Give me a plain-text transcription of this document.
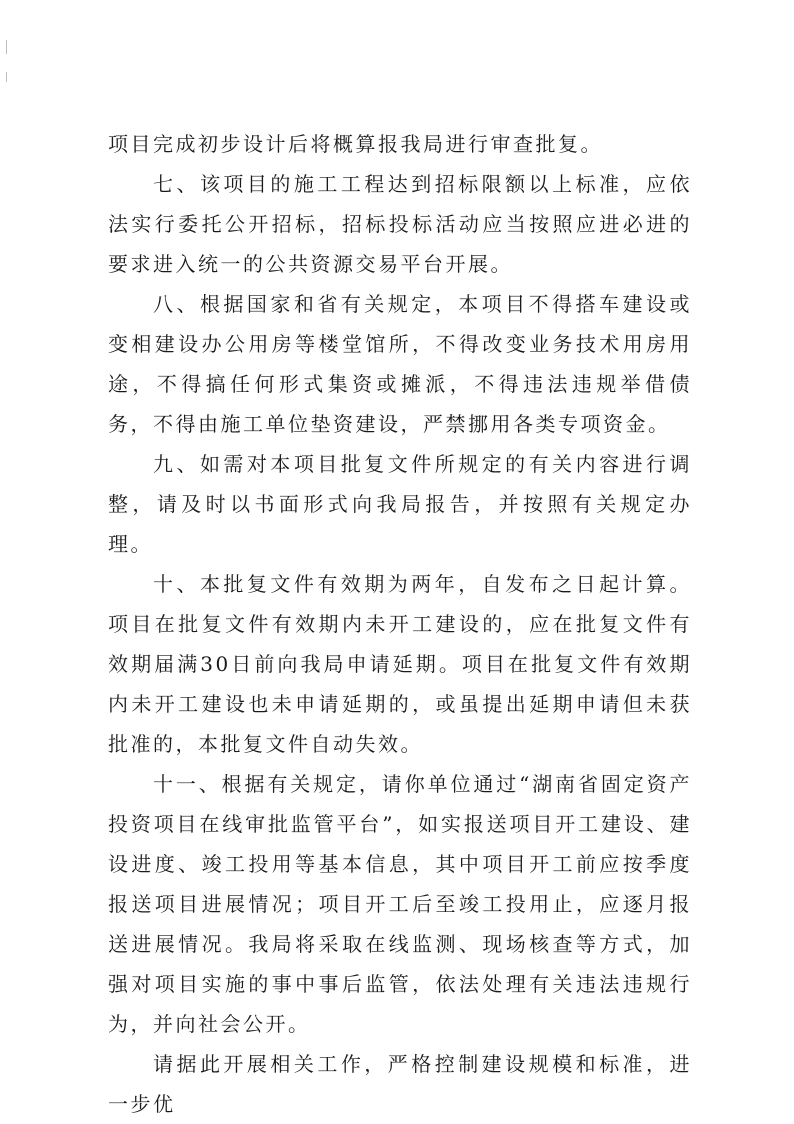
项目完成初步设计后将概算报我局进行审查批复。

七、该项目的施工工程达到招标限额以上标准，应依法实行委托公开招标，招标投标活动应当按照应进必进的要求进入统一的公共资源交易平台开展。

八、根据国家和省有关规定，本项目不得搭车建设或变相建设办公用房等楼堂馆所，不得改变业务技术用房用途，不得搞任何形式集资或摊派，不得违法违规举借债务，不得由施工单位垫资建设，严禁挪用各类专项资金。

九、如需对本项目批复文件所规定的有关内容进行调整，请及时以书面形式向我局报告，并按照有关规定办理。

十、本批复文件有效期为两年，自发布之日起计算。项目在批复文件有效期内未开工建设的，应在批复文件有效期届满30日前向我局申请延期。项目在批复文件有效期内未开工建设也未申请延期的，或虽提出延期申请但未获批准的，本批复文件自动失效。

十一、根据有关规定，请你单位通过“湖南省固定资产投资项目在线审批监管平台”，如实报送项目开工建设、建设进度、竣工投用等基本信息，其中项目开工前应按季度报送项目进展情况；项目开工后至竣工投用止，应逐月报送进展情况。我局将采取在线监测、现场核查等方式，加强对项目实施的事中事后监管，依法处理有关违法违规行为，并向社会公开。

请据此开展相关工作，严格控制建设规模和标准，进一步优
